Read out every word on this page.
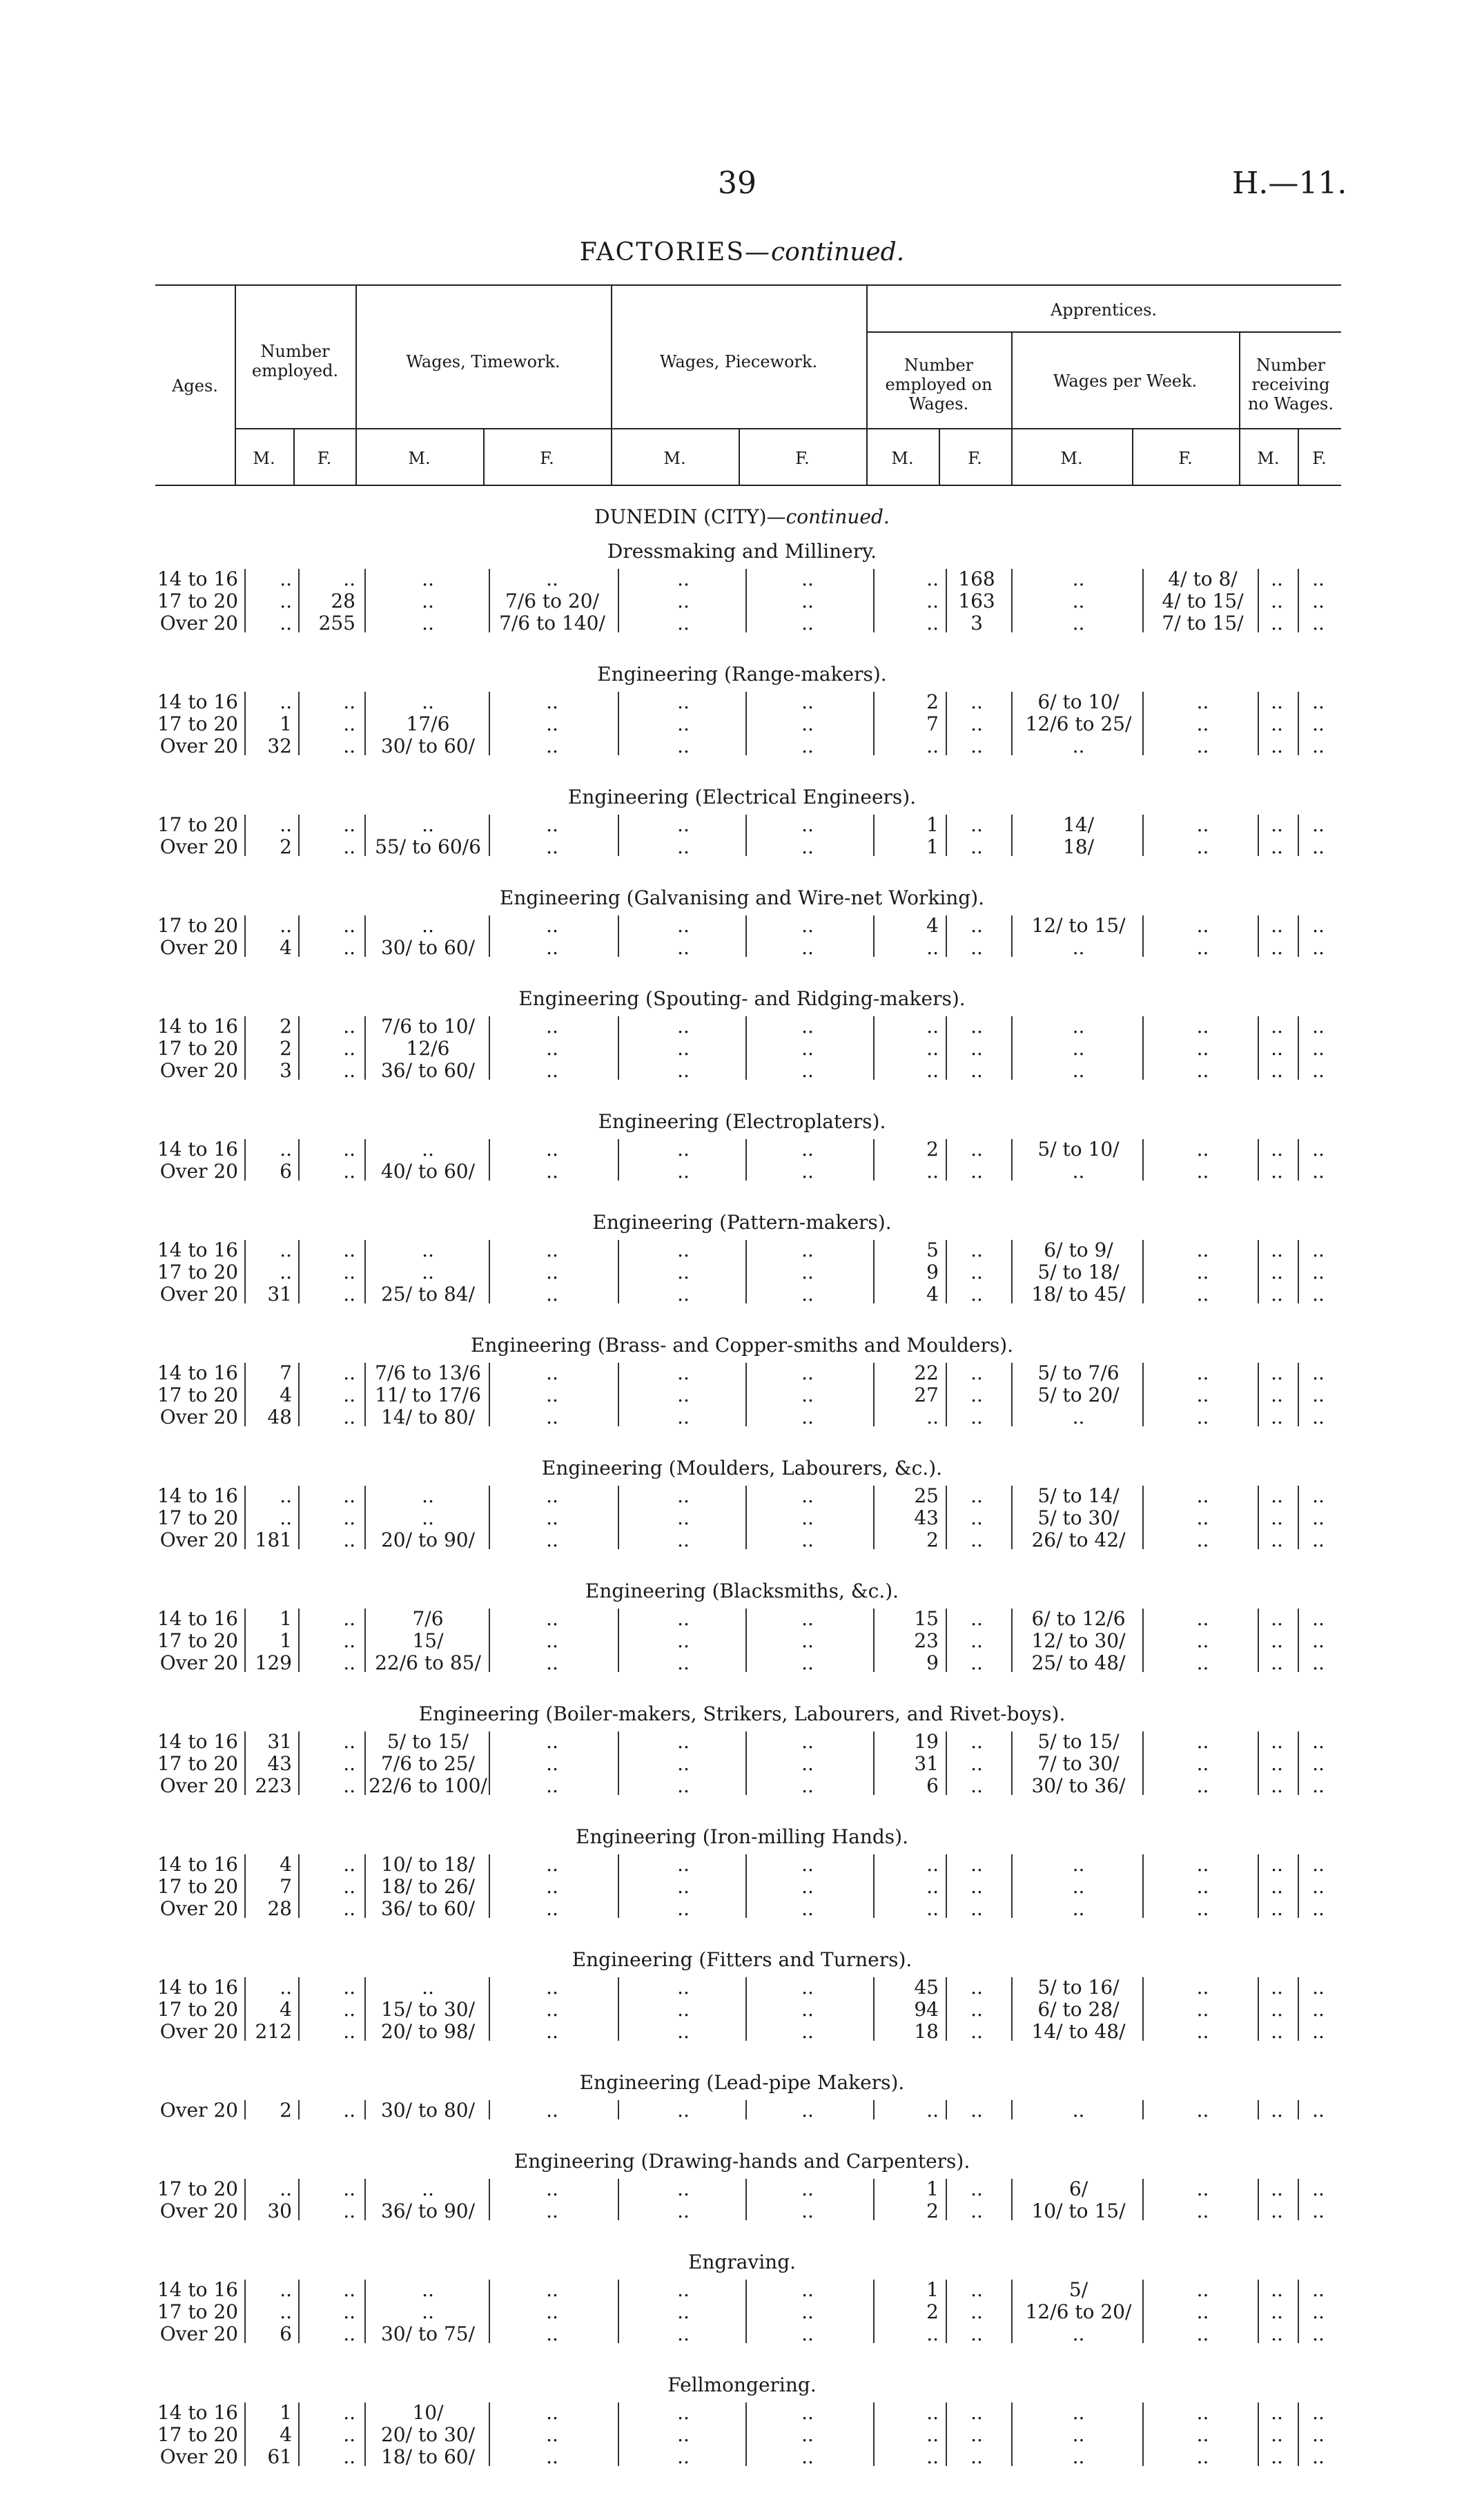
39	H.—11.
FACTORIES—continued.
Ages.
Number employed.	Wages, Timework.	Wages, Piecework.
Apprentices.
Number employed on Wages.
Wages per Week.
Number receiving no Wages.
M.	F.	M.	F.	M.	F.	M.	F.	M.	F.	M.	F.
DUNEDIN (CITY)—continued.
Dressmaking and Millinery.
14 to 16	..	..	..	..	..	..	..	168	..	4/ to 8/	..	..
17 to 20	..	28	..	7/6 to 20/	..	..	..	163	..	4/ to 15/	..	..
Over 20	..	255	..	7/6 to 140/	..	..	..	3	..	7/ to 15/	..	..
Engineering (Range-makers).
14 to 16	..	..	..	..	..	..	2	..	6/ to 10/	..	..	..
17 to 20	1	..	17/6	..	..	..	7	..	12/6 to 25/	..	..	..
Over 20	32	..	30/ to 60/	..	..	..	..	..	..	..	..	..
Engineering (Electrical Engineers).
17 to 20	..	..	..	..	..	..	1	..	14/	..	..	..
Over 20	2	..	55/ to 60/6	..	..	..	1	..	18/	..	..	..
Engineering (Galvanising and Wire-net Working).
17 to 20	..	..	..	..	..	..	4	..	12/ to 15/	..	..	..
Over 20	4	..	30/ to 60/	..	..	..	..	..	..	..	..	..
Engineering (Spouting- and Ridging-makers).
14 to 16	2	..	7/6 to 10/	..	..	..	..	..	..	..	..	..
17 to 20	2	..	12/6	..	..	..	..	..	..	..	..	..
Over 20	3	..	36/ to 60/	..	..	..	..	..	..	..	..	..
Engineering (Electroplaters).
14 to 16	..	..	..	..	..	..	2	..	5/ to 10/	..	..	..
Over 20	6	..	40/ to 60/	..	..	..	..	..	..	..	..	..
Engineering (Pattern-makers).
14 to 16	..	..	..	..	..	..	5	..	6/ to 9/	..	..	..
17 to 20	..	..	..	..	..	..	9	..	5/ to 18/	..	..	..
Over 20	31	..	25/ to 84/	..	..	..	4	..	18/ to 45/	..	..	..
Engineering (Brass- and Copper-smiths and Moulders).
14 to 16	7	..	7/6 to 13/6	..	..	..	22	..	5/ to 7/6	..	..	..
17 to 20	4	..	11/ to 17/6	..	..	..	27	..	5/ to 20/	..	..	..
Over 20	48	..	14/ to 80/	..	..	..	..	..	..	..	..	..
Engineering (Moulders, Labourers, &c.).
14 to 16	..	..	..	..	..	..	25	..	5/ to 14/	..	..	..
17 to 20	..	..	..	..	..	..	43	..	5/ to 30/	..	..	..
Over 20 181	..	20/ to 90/	..	..	..	2	..	26/ to 42/	..	..	..
Engineering (Blacksmiths, &c.).
14 to 16	1	..	7/6	..	..	..	15	..	6/ to 12/6	..	..	..
17 to 20	1	..	15/	..	..	..	23	..	12/ to 30/	..	..	..
Over 20 129	..	22/6 to 85/	..	..	..	9	..	25/ to 48/	..	..	..
Engineering (Boiler-makers, Strikers, Labourers, and Rivet-boys).
14 to 16	31	..	5/ to 15/	..	..	..	19	..	5/ to 15/	..	..	..
17 to 20	43	..	7/6 to 25/	..	..	..	31	..	7/ to 30/	..	..	..
Over 20 223	.. 22/6 to 100/	..	..	..	6	..	30/ to 36/	..	..	..
Engineering (Iron-milling Hands).
14 to 16	4	..	10/ to 18/	..	..	..	..	..	..	..	..	..
17 to 20	7	..	18/ to 26/	..	..	..	..	..	..	..	..	..
Over 20	28	..	36/ to 60/	..	..	..	..	..	..	..	..	..
Engineering (Fitters and Turners).
14 to 16	..	..	..	..	..	..	45	..	5/ to 16/	..	..	..
17 to 20	4	..	15/ to 30/	..	..	..	94	..	6/ to 28/	..	..	..
Over 20 212	..	20/ to 98/	..	..	..	18	..	14/ to 48/	..	..	..
Engineering (Lead-pipe Makers).
Over 20	2	..	30/ to 80/	..	..	..	..	..	..	..	..	..
Engineering (Drawing-hands and Carpenters).
17 to 20	..	..	..	..	..	..	1	..	6/	..	..	..
Over 20	30	..	36/ to 90/	..	..	..	2	..	10/ to 15/	..	..	..
Engraving.
14 to 16	..	..	..	..	..	..	1	..	5/	..	..	..
17 to 20	..	..	..	..	..	..	2	..	12/6 to 20/	..	..	..
Over 20	6	..	30/ to 75/	..	..	..	..	..	..	..	..	..
Fellmongering.
14 to 16	1	..	10/	..	..	..	..	..	..	..	..	..
17 to 20	4	..	20/ to 30/	..	..	..	..	..	..	..	..	..
Over 20	61	..	18/ to 60/	..	..	..	..	..	..	..	..	..
